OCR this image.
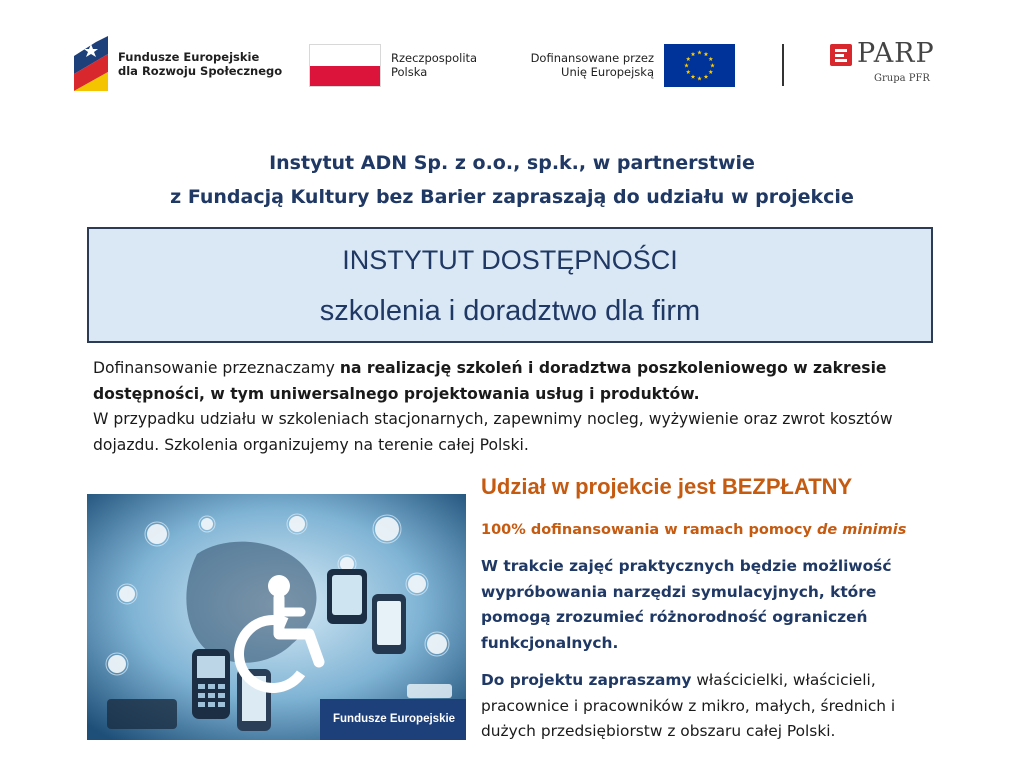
Fundusze Europejskie
dla Rozwoju Społecznego
Rzeczpospolita
Polska
Dofinansowane przez
Unię Europejską
PARP
Grupa PFR
Instytut ADN Sp. z o.o., sp.k., w partnerstwie
z Fundacją Kultury bez Barier zapraszają do udziału w projekcie
INSTYTUT DOSTĘPNOŚCI
szkolenia i doradztwo dla firm
Dofinansowanie przeznaczamy na realizację szkoleń i doradztwa poszkoleniowego w zakresie dostępności, w tym uniwersalnego projektowania usług i produktów.
W przypadku udziału w szkoleniach stacjonarnych, zapewnimy nocleg, wyżywienie oraz zwrot kosztów dojazdu. Szkolenia organizujemy na terenie całej Polski.
Fundusze Europejskie
Udział w projekcie jest BEZPŁATNY
100% dofinansowania w ramach pomocy de minimis
W trakcie zajęć praktycznych będzie możliwość wypróbowania narzędzi symulacyjnych, które pomogą zrozumieć różnorodność ograniczeń funkcjonalnych.
Do projektu zapraszamy właścicielki, właścicieli, pracownice i pracowników z mikro, małych, średnich i dużych przedsiębiorstw z obszaru całej Polski.
